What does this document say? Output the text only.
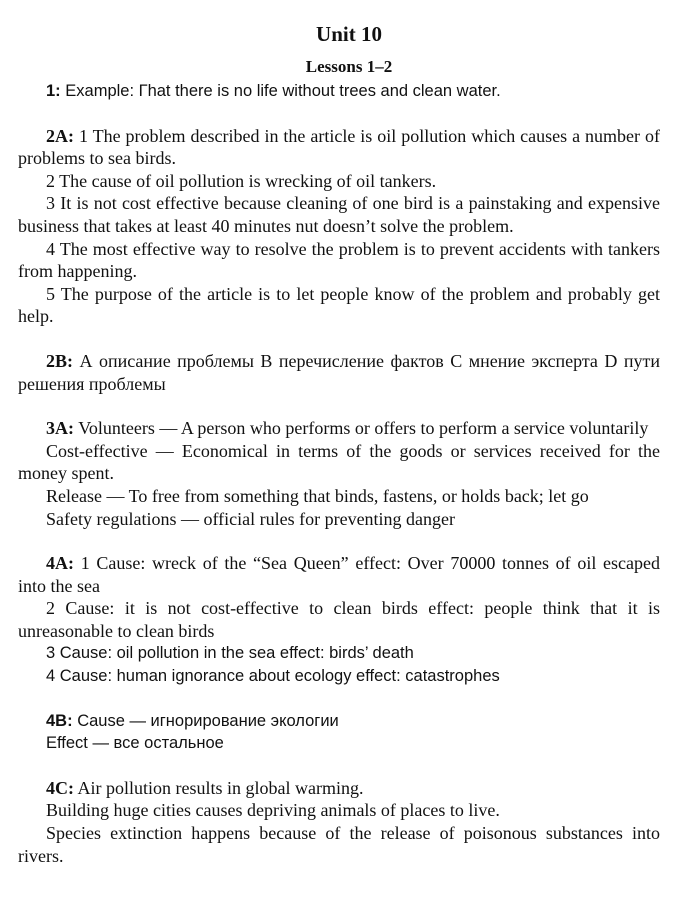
Unit 10
Lessons 1–2

1: Example: Гhat there is no life without trees and clean water.

2A: 1 The problem described in the article is oil pollution which causes a number of problems to sea birds.

2 The cause of oil pollution is wrecking of oil tankers.

3 It is not cost effective because cleaning of one bird is a painstaking and expensive business that takes at least 40 minutes nut doesn’t solve the problem.

4 The most effective way to resolve the problem is to prevent accidents with tankers from happening.

5 The purpose of the article is to let people know of the problem and probably get help.

2B: А описание проблемы В перечисление фактов С мнение эксперта D пути решения проблемы

3A: Volunteers — A person who performs or offers to perform a service voluntarily

Cost-effective — Economical in terms of the goods or services received for the money spent.

Release — To free from something that binds, fastens, or holds back; let go

Safety regulations — official rules for preventing danger

4A: 1 Cause: wreck of the “Sea Queen” effect: Over 70000 tonnes of oil escaped into the sea

2 Cause: it is not cost-effective to clean birds effect: people think that it is unreasonable to clean birds

3 Cause: oil pollution in the sea effect: birds’ death

4 Cause: human ignorance about ecology effect: catastrophes

4B: Cause — игнорирование экологии

Effect — все остальное

4C: Air pollution results in global warming.

Building huge cities causes depriving animals of places to live.

Species extinction happens because of the release of poisonous substances into rivers.
